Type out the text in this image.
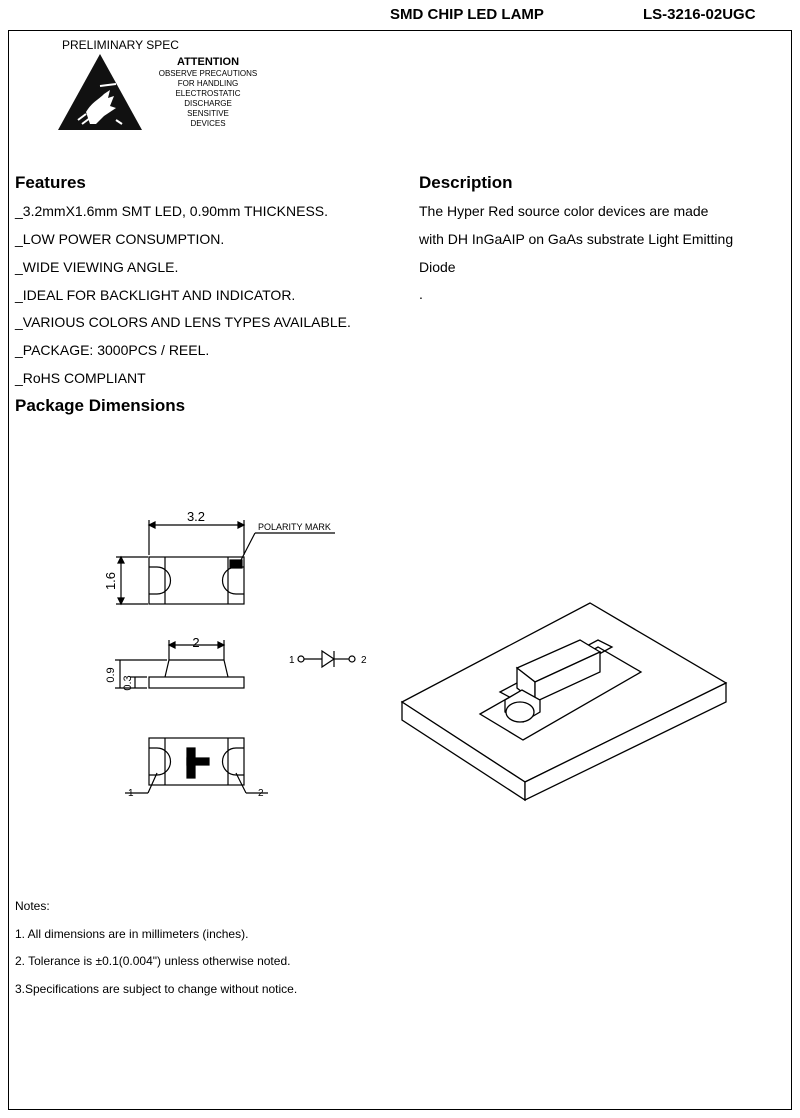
SMD CHIP LED LAMP	LS-3216-02UGC
PRELIMINARY SPEC
ATTENTION
OBSERVE PRECAUTIONS
FOR HANDLING
ELECTROSTATIC
DISCHARGE
SENSITIVE
DEVICES
Features
_3.2mmX1.6mm SMT LED, 0.90mm THICKNESS.
_LOW POWER CONSUMPTION.
_WIDE VIEWING ANGLE.
_IDEAL FOR BACKLIGHT AND INDICATOR.
_VARIOUS COLORS AND LENS TYPES AVAILABLE.
_PACKAGE: 3000PCS / REEL.
_RoHS COMPLIANT
Description
The Hyper Red source color devices are made
with DH InGaAIP on GaAs substrate Light Emitting
Diode
.
Package Dimensions
3.2
1.6
POLARITY MARK
2
0.9
0.3
1	2
1	2
Notes:
1. All dimensions are in millimeters (inches).
2. Tolerance is ±0.1(0.004") unless otherwise noted.
3.Specifications are subject to change without notice.
